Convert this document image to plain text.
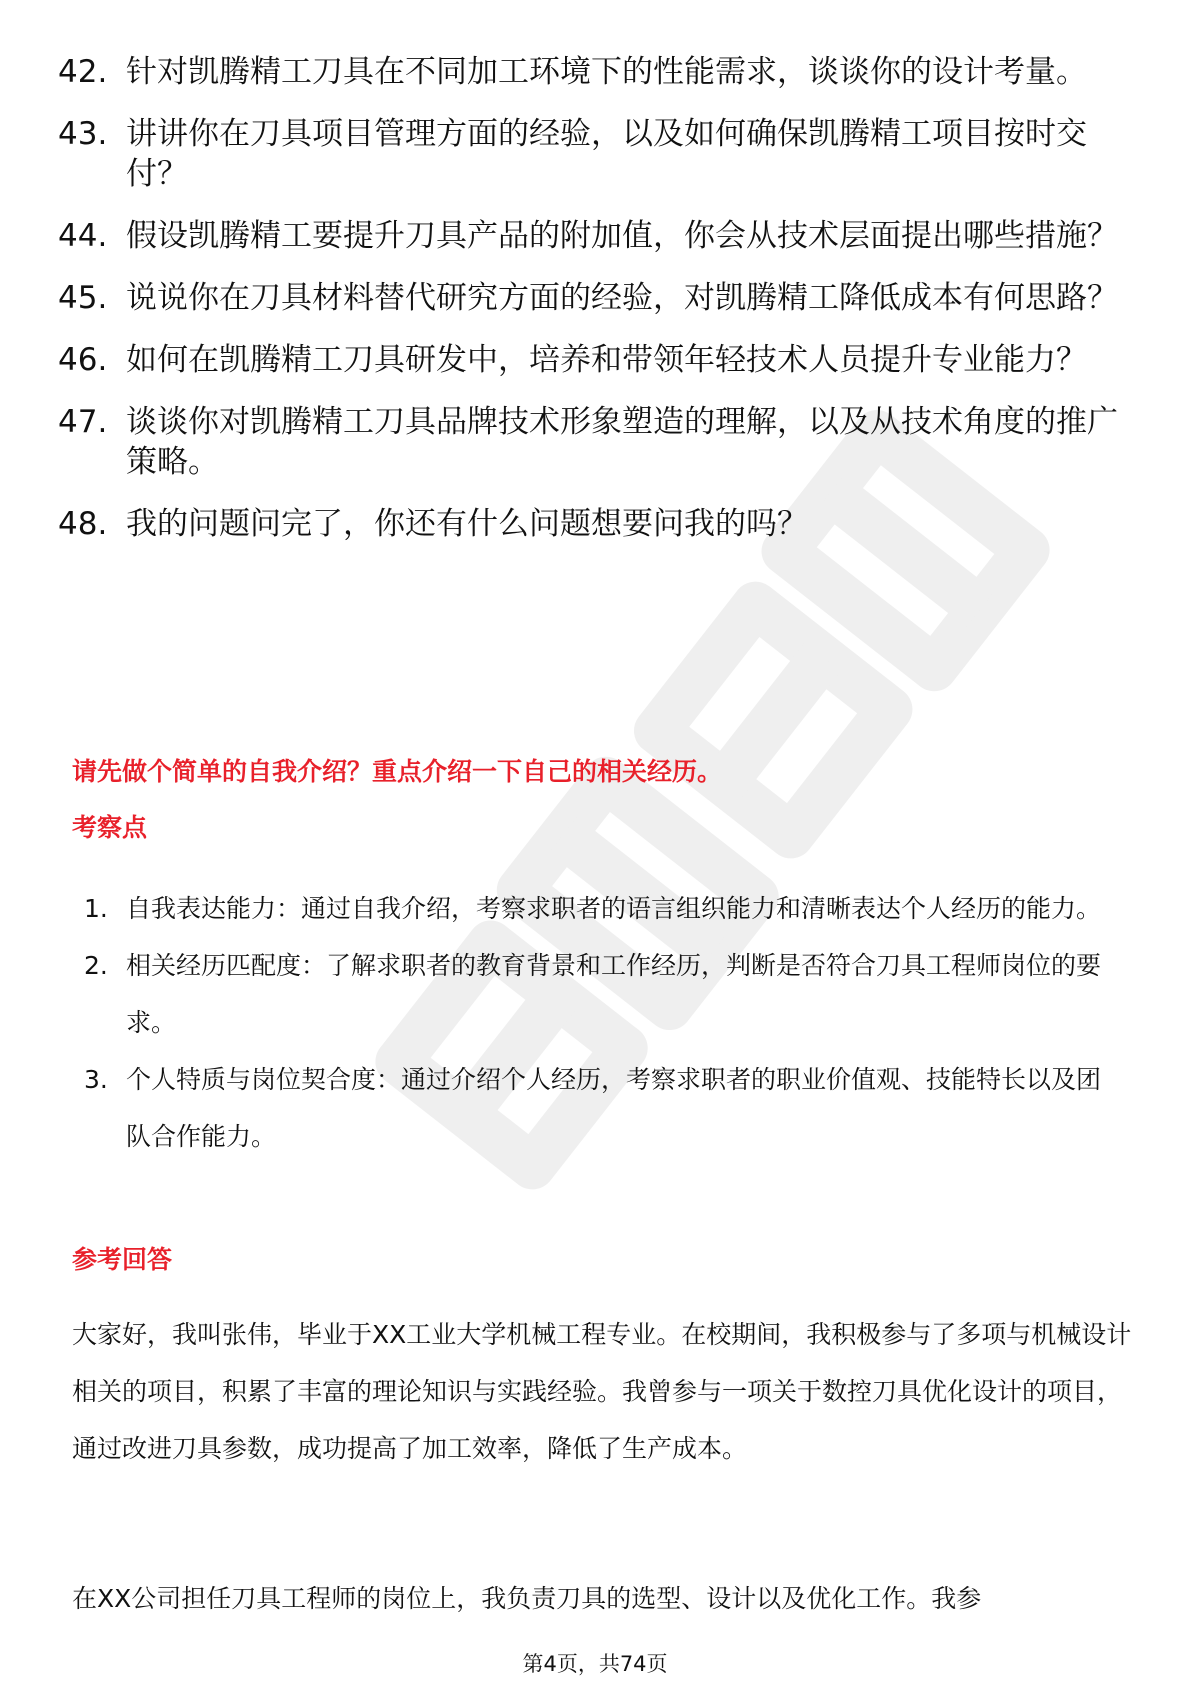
42. 针对凯腾精工刀具在不同加工环境下的性能需求，谈谈你的设计考量。
43. 讲讲你在刀具项目管理方面的经验，以及如何确保凯腾精工项目按时交付？
44. 假设凯腾精工要提升刀具产品的附加值，你会从技术层面提出哪些措施？
45. 说说你在刀具材料替代研究方面的经验，对凯腾精工降低成本有何思路？
46. 如何在凯腾精工刀具研发中，培养和带领年轻技术人员提升专业能力？
47. 谈谈你对凯腾精工刀具品牌技术形象塑造的理解，以及从技术角度的推广策略。
48. 我的问题问完了，你还有什么问题想要问我的吗？
请先做个简单的自我介绍？重点介绍一下自己的相关经历。
考察点
1. 自我表达能力：通过自我介绍，考察求职者的语言组织能力和清晰表达个人经历的能力。
2. 相关经历匹配度：了解求职者的教育背景和工作经历，判断是否符合刀具工程师岗位的要求。
3. 个人特质与岗位契合度：通过介绍个人经历，考察求职者的职业价值观、技能特长以及团队合作能力。
参考回答

大家好，我叫张伟，毕业于XX工业大学机械工程专业。在校期间，我积极参与了多项与机械设计相关的项目，积累了丰富的理论知识与实践经验。我曾参与一项关于数控刀具优化设计的项目，通过改进刀具参数，成功提高了加工效率，降低了生产成本。

在XX公司担任刀具工程师的岗位上，我负责刀具的选型、设计以及优化工作。我参

第4页，共74页
